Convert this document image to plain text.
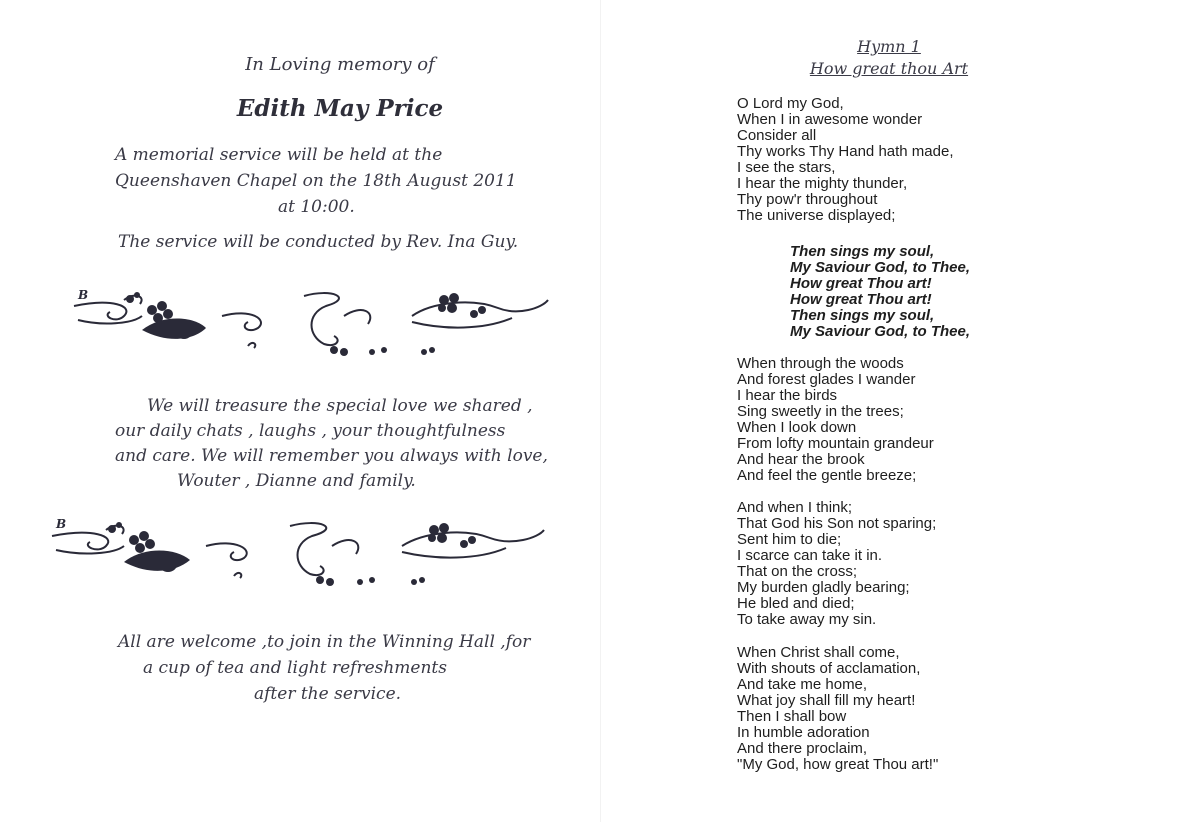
In Loving memory of
Edith May Price
A memorial service will be held at the
Queenshaven Chapel on the 18th August 2011
at 10:00.
The service will be conducted by Rev. Ina Guy.
B
We will treasure the special love we shared ,
our daily chats , laughs , your thoughtfulness
and care. We will remember you always with love,
Wouter , Dianne and family.
B
All are welcome ,to join in the Winning Hall ,for
a cup of tea and light refreshments
after the service.
Hymn 1
How great thou Art
O Lord my God,
When I in awesome wonder
Consider all
Thy works Thy Hand hath made,
I see the stars,
I hear the mighty thunder,
Thy pow'r throughout
The universe displayed;
Then sings my soul,
My Saviour God, to Thee,
How great Thou art!
How great Thou art!
Then sings my soul,
My Saviour God, to Thee,
When through the woods
And forest glades I wander
I hear the birds
Sing sweetly in the trees;
When I look down
From lofty mountain grandeur
And hear the brook
And feel the gentle breeze;
And when I think;
That God his Son not sparing;
Sent him to die;
I scarce can take it in.
That on the cross;
My burden gladly bearing;
He bled and died;
To take away my sin.
When Christ shall come,
With shouts of acclamation,
And take me home,
What joy shall fill my heart!
Then I shall bow
In humble adoration
And there proclaim,
"My God, how great Thou art!"
